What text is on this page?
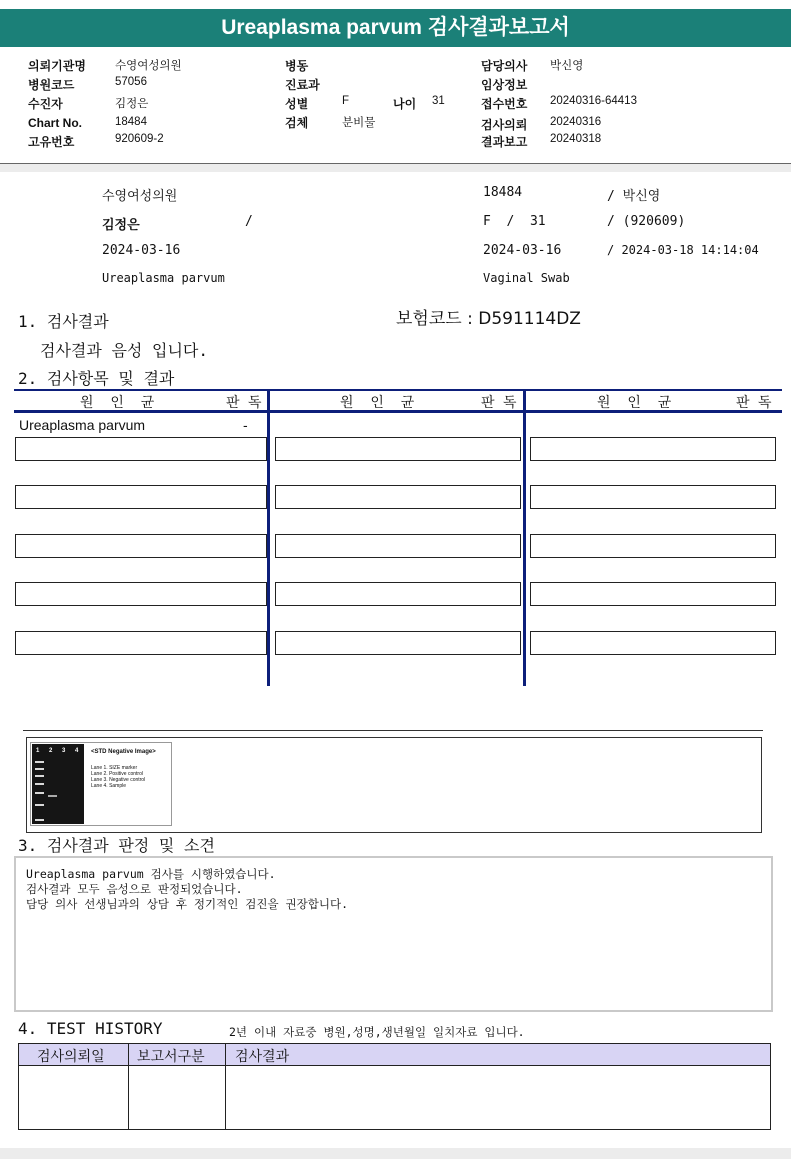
Ureaplasma parvum 검사결과보고서
의뢰기관명	수영여성의원
병원코드	57056
수진자	김정은
Chart No.	18484
고유번호	920609-2
병동
진료과
성별	F	나이 31
검체	분비물
담당의사 박신영
임상정보
접수번호 20240316-64413
검사의뢰 20240316
결과보고 20240318
수영여성의원	18484	/ 박신영
김정은	/	F  /  31	/ (920609)
2024-03-16	2024-03-16	/ 2024-03-18 14:14:04
Ureaplasma parvum	Vaginal Swab
1. 검사결과	보험코드 : D591114DZ
검사결과 음성 입니다.
2. 검사항목 및 결과
원  인  균	판 독	원  인  균	판 독	원  인  균	판 독
Ureaplasma parvum	-
1 2 3 4 <STD Negative Image>
Lane 1. SIZE marker
Lane 2. Positive control
Lane 3. Negative control
Lane 4. Sample
3. 검사결과 판정 및 소견
Ureaplasma parvum 검사를 시행하였습니다.
검사결과 모두 음성으로 판정되었습니다.
담당 의사 선생님과의 상담 후 정기적인 검진을 권장합니다.
4. TEST HISTORY	2년 이내 자료중 병원,성명,생년월일 일치자료 입니다.
검사의뢰일 보고서구분 검사결과
